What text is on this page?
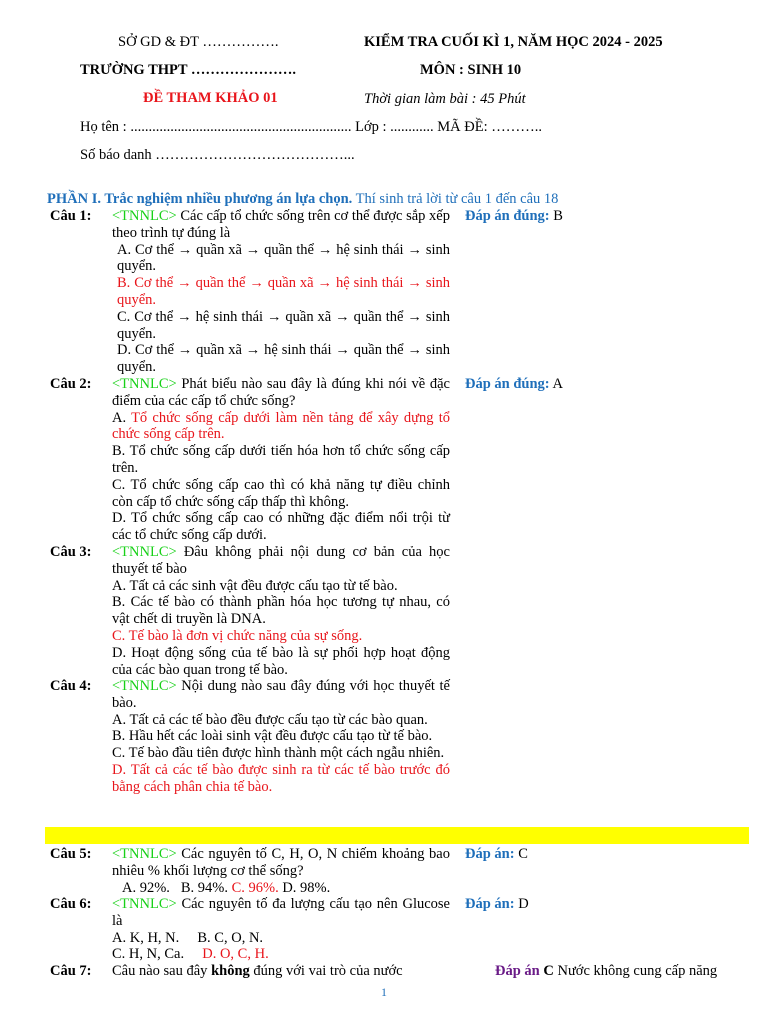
SỞ GD & ĐT …………….	KIỂM TRA CUỐI KÌ 1, NĂM HỌC 2024 - 2025
TRƯỜNG THPT ………………….	MÔN : SINH 10
ĐỀ THAM KHẢO 01	Thời gian làm bài : 45 Phút
Họ tên : ............................................................. Lớp : ............ MÃ ĐỀ: ………..
Số báo danh …………………………………...
PHẦN I. Trắc nghiệm nhiều phương án lựa chọn. Thí sinh trả lời từ câu 1 đến câu 18
Câu 1: <TNNLC> Các cấp tổ chức sống trên cơ thể được sắp xếp theo trình tự đúng là
A. Cơ thể → quần xã → quần thể → hệ sinh thái → sinh quyển.
B. Cơ thể → quần thể → quần xã → hệ sinh thái → sinh quyển.
C. Cơ thể → hệ sinh thái → quần xã → quần thể → sinh quyển.
D. Cơ thể → quần xã → hệ sinh thái → quần thể → sinh quyển.
Đáp án đúng: B
Câu 2: <TNNLC> Phát biểu nào sau đây là đúng khi nói về đặc điểm của các cấp tổ chức sống?
A. Tổ chức sống cấp dưới làm nền tảng để xây dựng tổ chức sống cấp trên.
B. Tổ chức sống cấp dưới tiến hóa hơn tổ chức sống cấp trên.
C. Tổ chức sống cấp cao thì có khả năng tự điều chỉnh còn cấp tổ chức sống cấp thấp thì không.
D. Tổ chức sống cấp cao có những đặc điểm nổi trội từ các tổ chức sống cấp dưới.
Đáp án đúng: A
Câu 3: <TNNLC> Đâu không phải nội dung cơ bản của học thuyết tế bào
A. Tất cả các sinh vật đều được cấu tạo từ tế bào.
B. Các tế bào có thành phần hóa học tương tự nhau, có vật chết di truyền là DNA.
C. Tế bào là đơn vị chức năng của sự sống.
D. Hoạt động sống của tế bào là sự phối hợp hoạt động của các bào quan trong tế bào.
Câu 4: <TNNLC> Nội dung nào sau đây đúng với học thuyết tế bào.
A. Tất cả các tế bào đều được cấu tạo từ các bào quan.
B. Hầu hết các loài sinh vật đều được cấu tạo từ tế bào.
C. Tế bào đầu tiên được hình thành một cách ngẫu nhiên.
D. Tất cả các tế bào được sinh ra từ các tế bào trước đó bằng cách phân chia tế bào.
Câu 5: <TNNLC> Các nguyên tố C, H, O, N chiếm khoảng bao nhiêu % khối lượng cơ thể sống?
A. 92%. B. 94%. C. 96%. D. 98%.
Đáp án: C
Câu 6: <TNNLC> Các nguyên tố đa lượng cấu tạo nên Glucose là
A. K, H, N. B. C, O, N.
C. H, N, Ca. D. O, C, H.
Đáp án: D
Câu 7: Câu nào sau đây không đúng với vai trò của nước	Đáp án C Nước không cung cấp năng
1
